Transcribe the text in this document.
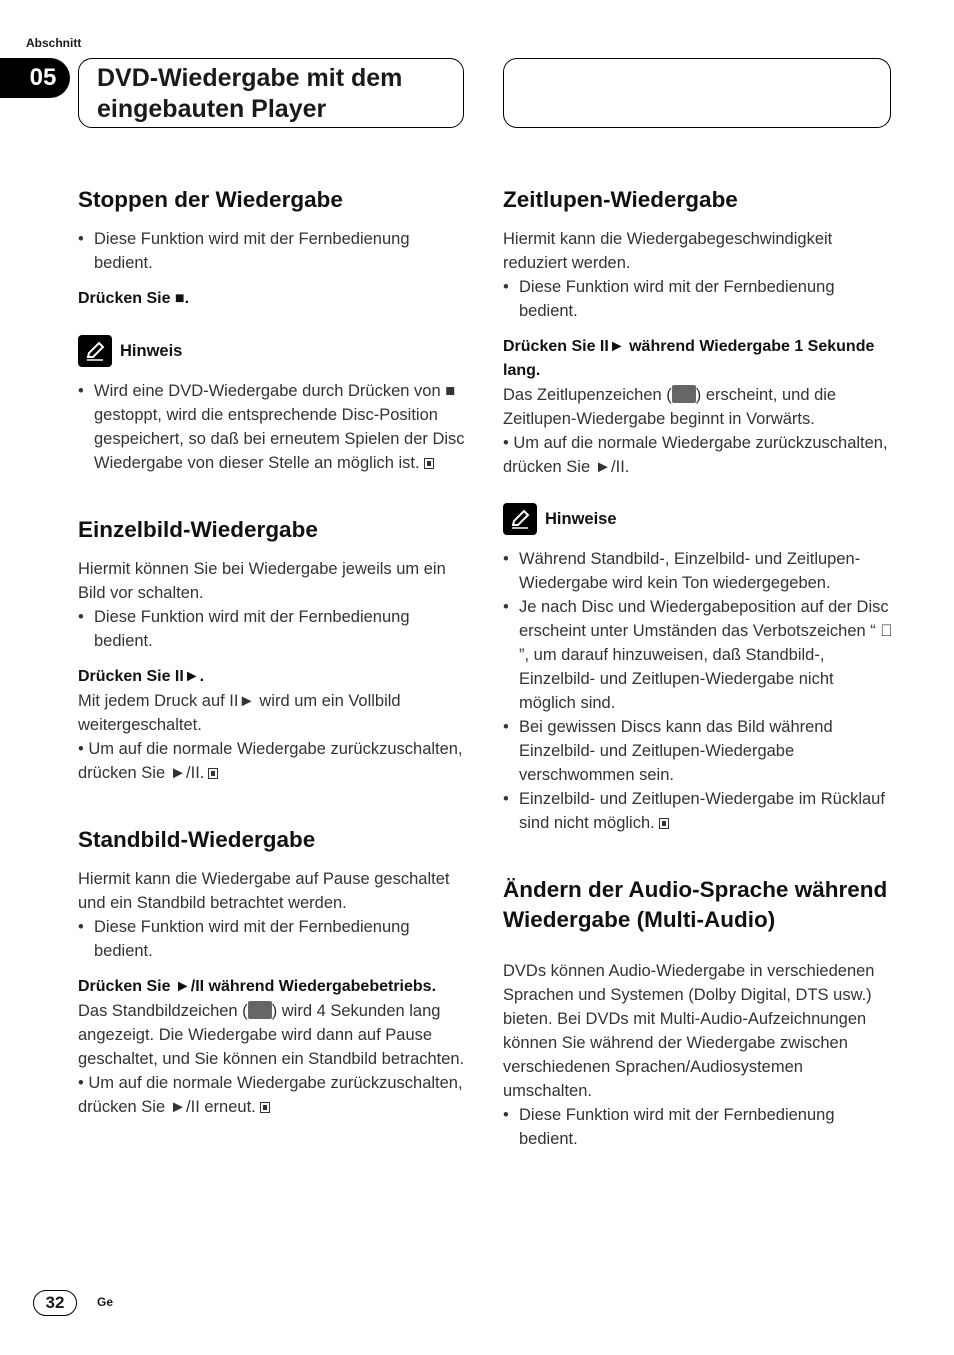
Abschnitt
05	DVD-Wiedergabe mit dem
eingebauten Player
Stoppen der Wiedergabe

• Diese Funktion wird mit der Fernbedienung bedient.

Drücken Sie ■.

Hinweis

• Wird eine DVD-Wiedergabe durch Drücken von ■ gestoppt, wird die entsprechende Disc-Position gespeichert, so daß bei erneutem Spielen der Disc Wiedergabe von dieser Stelle an möglich ist.

Einzelbild-Wiedergabe

Hiermit können Sie bei Wiedergabe jeweils um ein Bild vor schalten.

• Diese Funktion wird mit der Fernbedienung bedient.

Drücken Sie II►.

Mit jedem Druck auf II► wird um ein Vollbild weitergeschaltet.

• Um auf die normale Wiedergabe zurückzuschalten, drücken Sie ►/II.

Standbild-Wiedergabe

Hiermit kann die Wiedergabe auf Pause geschaltet und ein Standbild betrachtet werden.

• Diese Funktion wird mit der Fernbedienung bedient.

Drücken Sie ►/II während Wiedergabebetriebs.

Das Standbildzeichen ( ) wird 4 Sekunden lang angezeigt. Die Wiedergabe wird dann auf Pause geschaltet, und Sie können ein Standbild betrachten.

• Um auf die normale Wiedergabe zurückzuschalten, drücken Sie ►/II erneut.

Zeitlupen-Wiedergabe

Hiermit kann die Wiedergabegeschwindigkeit reduziert werden.

• Diese Funktion wird mit der Fernbedienung bedient.

Drücken Sie II► während Wiedergabe 1 Sekunde lang.

Das Zeitlupenzeichen ( ) erscheint, und die Zeitlupen-Wiedergabe beginnt in Vorwärts.

• Um auf die normale Wiedergabe zurückzuschalten, drücken Sie ►/II.

Hinweise

• Während Standbild-, Einzelbild- und Zeitlupen-Wiedergabe wird kein Ton wiedergegeben.

• Je nach Disc und Wiedergabeposition auf der Disc erscheint unter Umständen das Verbotszeichen “ ⃠ ”, um darauf hinzuweisen, daß Standbild-, Einzelbild- und Zeitlupen-Wiedergabe nicht möglich sind.

• Bei gewissen Discs kann das Bild während Einzelbild- und Zeitlupen-Wiedergabe verschwommen sein.

• Einzelbild- und Zeitlupen-Wiedergabe im Rücklauf sind nicht möglich.

Ändern der Audio-Sprache während Wiedergabe (Multi-Audio)

DVDs können Audio-Wiedergabe in verschiedenen Sprachen und Systemen (Dolby Digital, DTS usw.) bieten. Bei DVDs mit Multi-Audio-Aufzeichnungen können Sie während der Wiedergabe zwischen verschiedenen Sprachen/Audiosystemen umschalten.

• Diese Funktion wird mit der Fernbedienung bedient.

32	Ge
